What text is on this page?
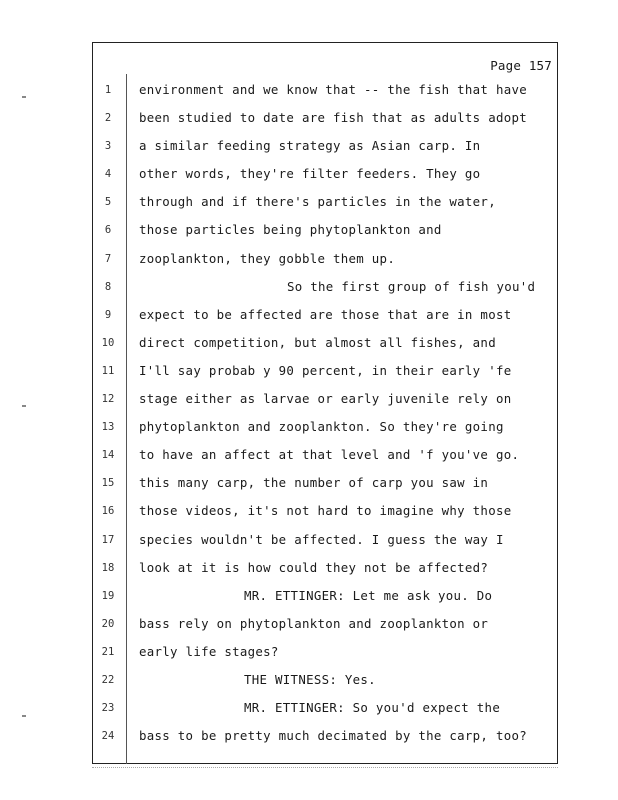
Page 157
1	environment and we know that -- the fish that have
2	been studied to date are fish that as adults adopt
3	a similar feeding strategy as Asian carp. In
4	other words, they're filter feeders. They go
5	through and if there's particles in the water,
6	those particles being phytoplankton and
7	zooplankton, they gobble them up.
8	So the first group of fish you'd
9	expect to be affected are those that are in most
10	direct competition, but almost all fishes, and
11	I'll say probab y 90 percent, in their early 'fe
12	stage either as larvae or early juvenile rely on
13	phytoplankton and zooplankton. So they're going
14	to have an affect at that level and 'f you've go.
15	this many carp, the number of carp you saw in
16	those videos, it's not hard to imagine why those
17	species wouldn't be affected. I guess the way I
18	look at it is how could they not be affected?
19	MR. ETTINGER: Let me ask you. Do
20	bass rely on phytoplankton and zooplankton or
21	early life stages?
22	THE WITNESS: Yes.
23	MR. ETTINGER: So you'd expect the
24	bass to be pretty much decimated by the carp, too?
